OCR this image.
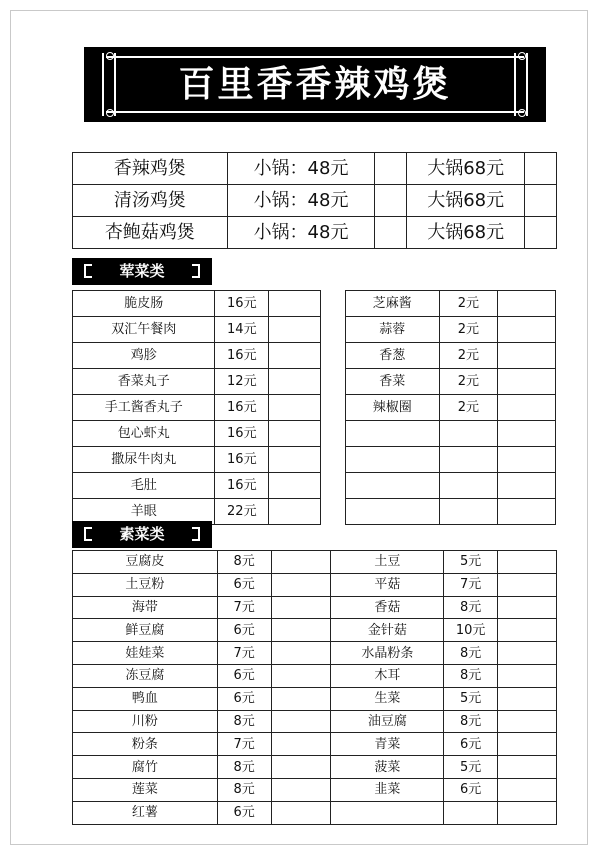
百里香香辣鸡煲
香辣鸡煲	小锅：48元		大锅68元	
清汤鸡煲	小锅：48元		大锅68元	
杏鲍菇鸡煲	小锅：48元		大锅68元	
荤菜类
脆皮肠	16元	
双汇午餐肉	14元	
鸡胗	16元	
香菜丸子	12元	
手工酱香丸子	16元	
包心虾丸	16元	
撒尿牛肉丸	16元	
毛肚	16元	
羊眼	22元	
芝麻酱	2元	
蒜蓉	2元	
香葱	2元	
香菜	2元	
辣椒圈	2元	

素菜类
豆腐皮	8元		土豆	5元	
土豆粉	6元		平菇	7元	
海带	7元		香菇	8元	
鲜豆腐	6元		金针菇	10元	
娃娃菜	7元		水晶粉条	8元	
冻豆腐	6元		木耳	8元	
鸭血	6元		生菜	5元	
川粉	8元		油豆腐	8元	
粉条	7元		青菜	6元	
腐竹	8元		菠菜	5元	
莲菜	8元		韭菜	6元	
红薯	6元				
